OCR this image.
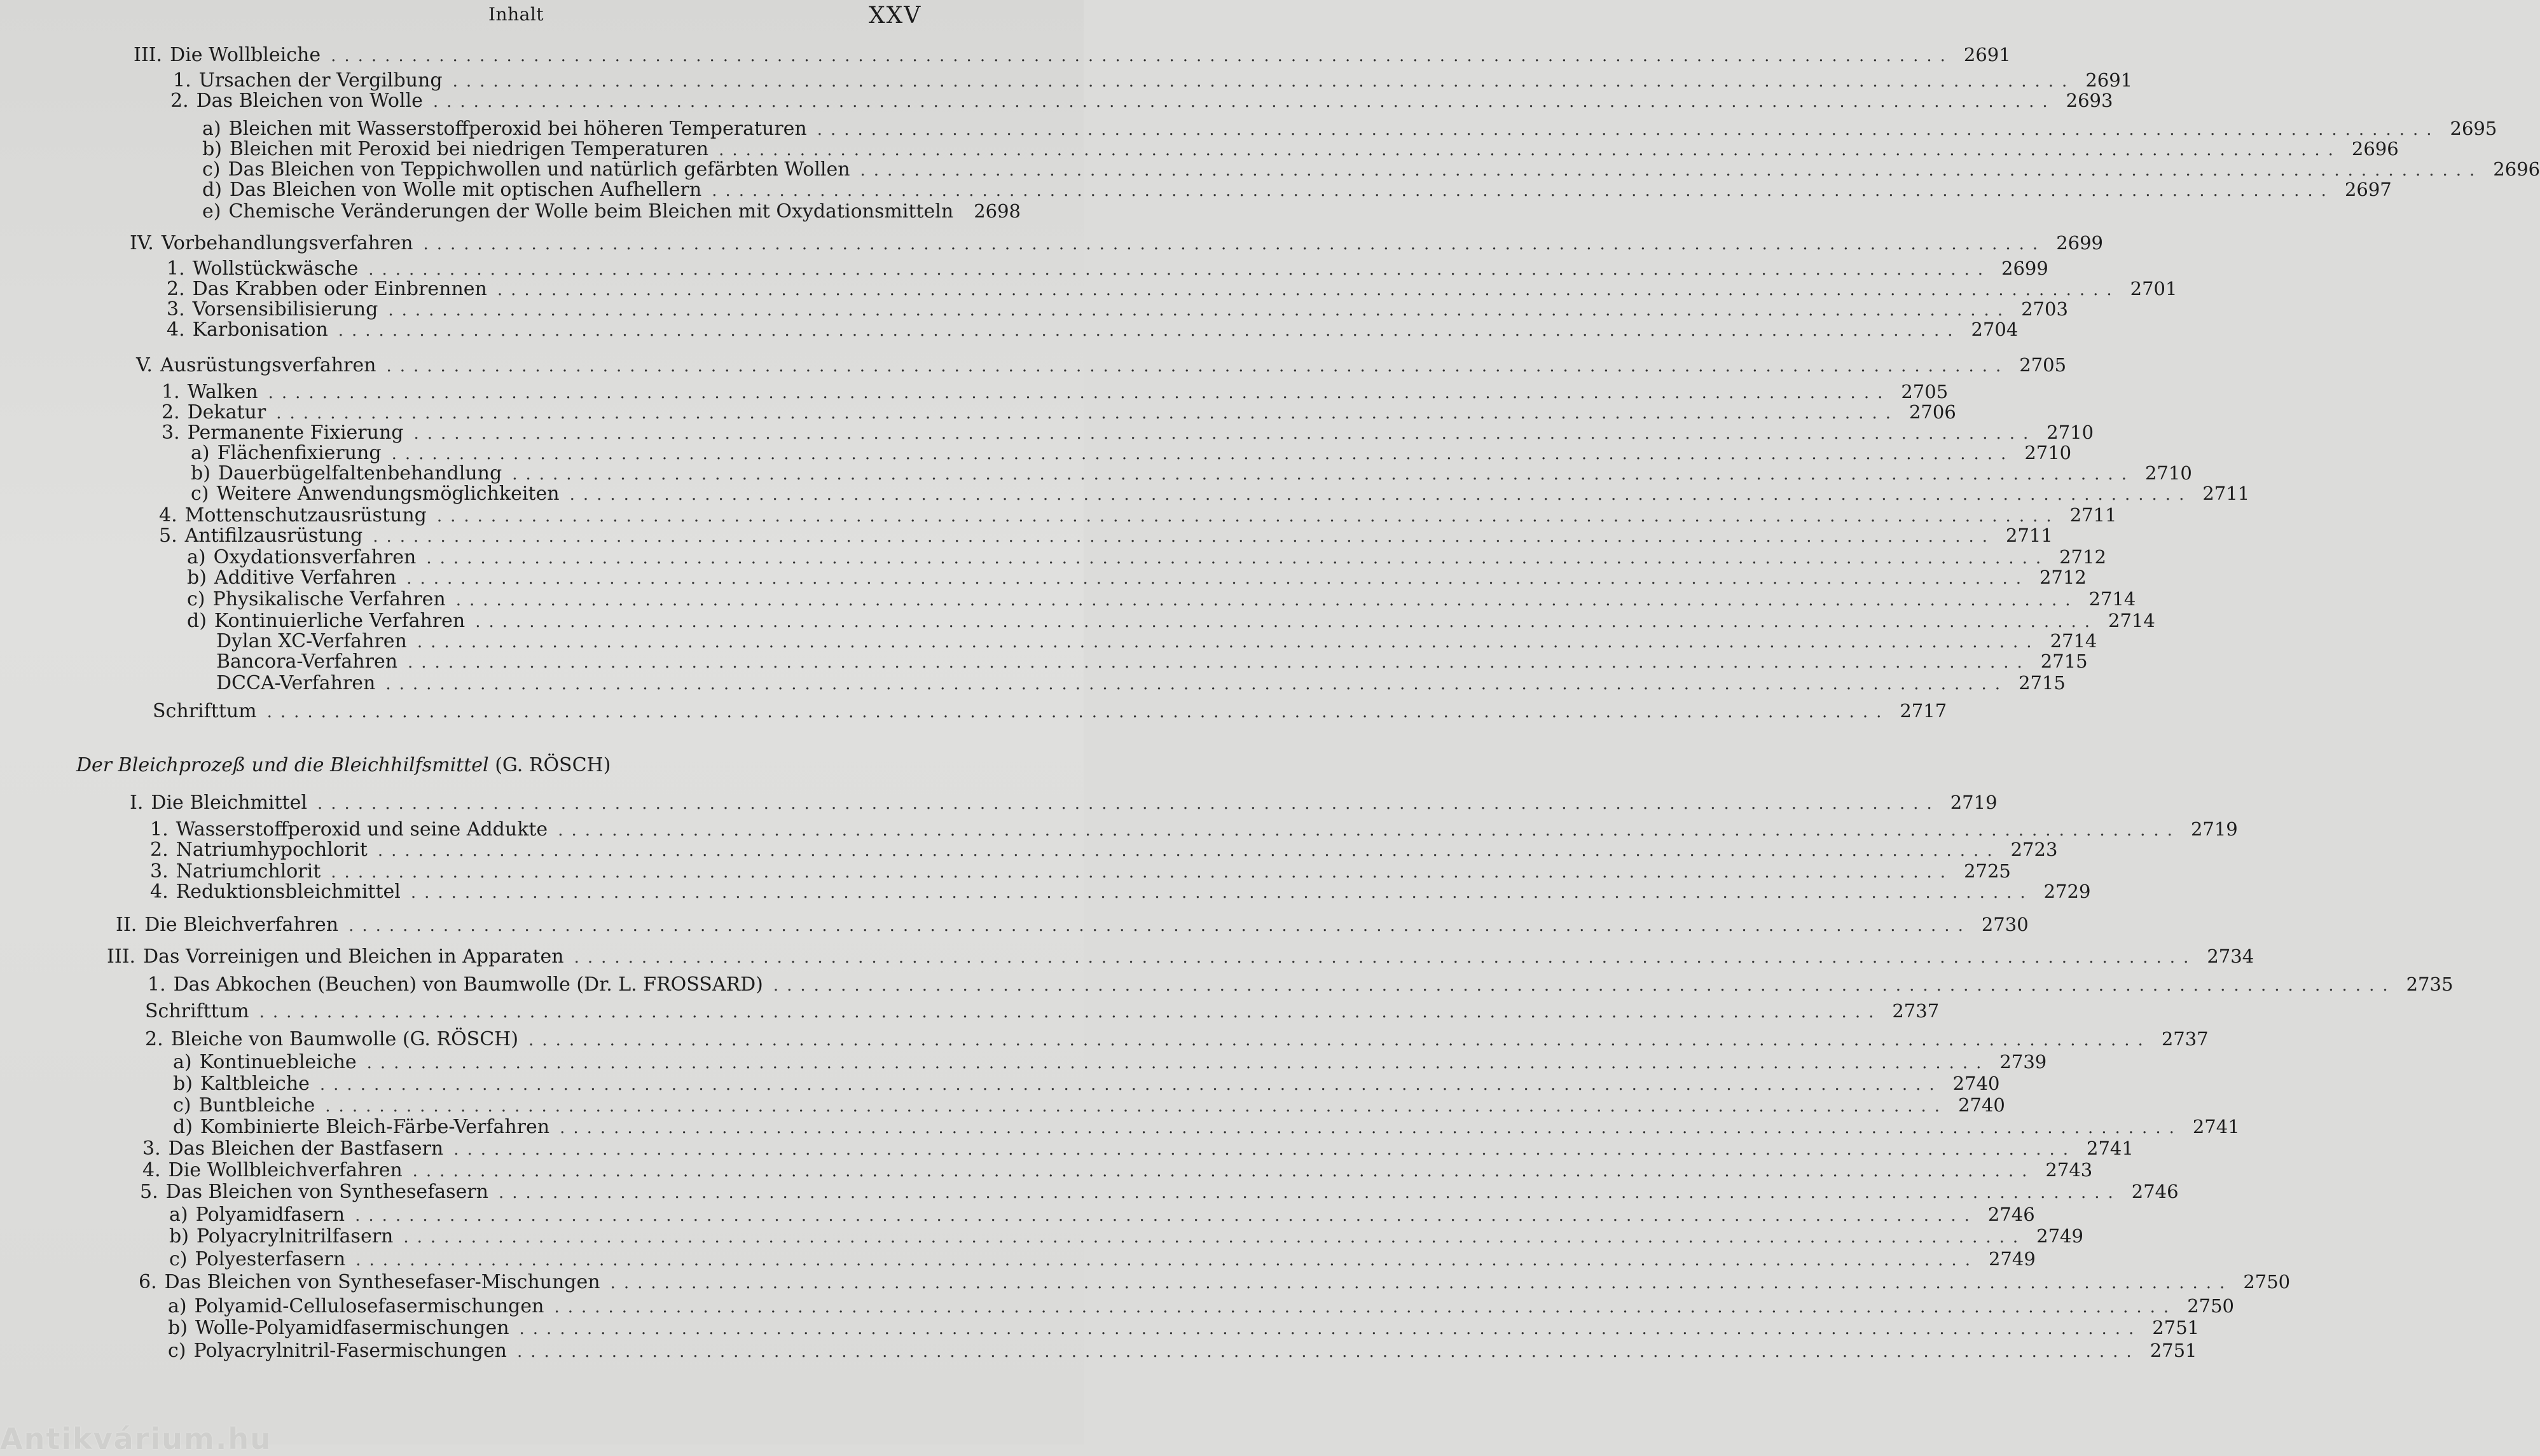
Inhalt	XXV
III. Die Wollbleiche ........................................................................................................................ 2691
1. Ursachen der Vergilbung ........................................................................................................................ 2691
2. Das Bleichen von Wolle ........................................................................................................................ 2693
a) Bleichen mit Wasserstoffperoxid bei höheren Temperaturen ........................................................................................................................ 2695
b) Bleichen mit Peroxid bei niedrigen Temperaturen ........................................................................................................................ 2696
c) Das Bleichen von Teppichwollen und natürlich gefärbten Wollen ........................................................................................................................ 2696
d) Das Bleichen von Wolle mit optischen Aufhellern ........................................................................................................................ 2697
e) Chemische Veränderungen der Wolle beim Bleichen mit Oxydationsmitteln 2698
IV. Vorbehandlungsverfahren ........................................................................................................................ 2699
1. Wollstückwäsche ........................................................................................................................ 2699
2. Das Krabben oder Einbrennen ........................................................................................................................ 2701
3. Vorsensibilisierung ........................................................................................................................ 2703
4. Karbonisation ........................................................................................................................ 2704
V. Ausrüstungsverfahren ........................................................................................................................ 2705
1. Walken ........................................................................................................................ 2705
2. Dekatur ........................................................................................................................ 2706
3. Permanente Fixierung ........................................................................................................................ 2710
a) Flächenfixierung ........................................................................................................................ 2710
b) Dauerbügelfaltenbehandlung ........................................................................................................................ 2710
c) Weitere Anwendungsmöglichkeiten ........................................................................................................................ 2711
4. Mottenschutzausrüstung ........................................................................................................................ 2711
5. Antifilzausrüstung ........................................................................................................................ 2711
a) Oxydationsverfahren ........................................................................................................................ 2712
b) Additive Verfahren ........................................................................................................................ 2712
c) Physikalische Verfahren ........................................................................................................................ 2714
d) Kontinuierliche Verfahren ........................................................................................................................ 2714
Dylan XC-Verfahren ........................................................................................................................ 2714
Bancora-Verfahren ........................................................................................................................ 2715
DCCA-Verfahren ........................................................................................................................ 2715
Schrifttum ........................................................................................................................ 2717
Der Bleichprozeß und die Bleichhilfsmittel (G. RÖSCH)
I. Die Bleichmittel ........................................................................................................................ 2719
1. Wasserstoffperoxid und seine Addukte ........................................................................................................................ 2719
2. Natriumhypochlorit ........................................................................................................................ 2723
3. Natriumchlorit ........................................................................................................................ 2725
4. Reduktionsbleichmittel ........................................................................................................................ 2729
II. Die Bleichverfahren ........................................................................................................................ 2730
III. Das Vorreinigen und Bleichen in Apparaten ........................................................................................................................ 2734
1. Das Abkochen (Beuchen) von Baumwolle (Dr. L. FROSSARD) ........................................................................................................................ 2735
Schrifttum ........................................................................................................................ 2737
2. Bleiche von Baumwolle (G. RÖSCH) ........................................................................................................................ 2737
a) Kontinuebleiche ........................................................................................................................ 2739
b) Kaltbleiche ........................................................................................................................ 2740
c) Buntbleiche ........................................................................................................................ 2740
d) Kombinierte Bleich-Färbe-Verfahren ........................................................................................................................ 2741
3. Das Bleichen der Bastfasern ........................................................................................................................ 2741
4. Die Wollbleichverfahren ........................................................................................................................ 2743
5. Das Bleichen von Synthesefasern ........................................................................................................................ 2746
a) Polyamidfasern ........................................................................................................................ 2746
b) Polyacrylnitrilfasern ........................................................................................................................ 2749
c) Polyesterfasern ........................................................................................................................ 2749
6. Das Bleichen von Synthesefaser-Mischungen ........................................................................................................................ 2750
a) Polyamid-Cellulosefasermischungen ........................................................................................................................ 2750
b) Wolle-Polyamidfasermischungen ........................................................................................................................ 2751
c) Polyacrylnitril-Fasermischungen ........................................................................................................................ 2751
Antikvárium.hu
